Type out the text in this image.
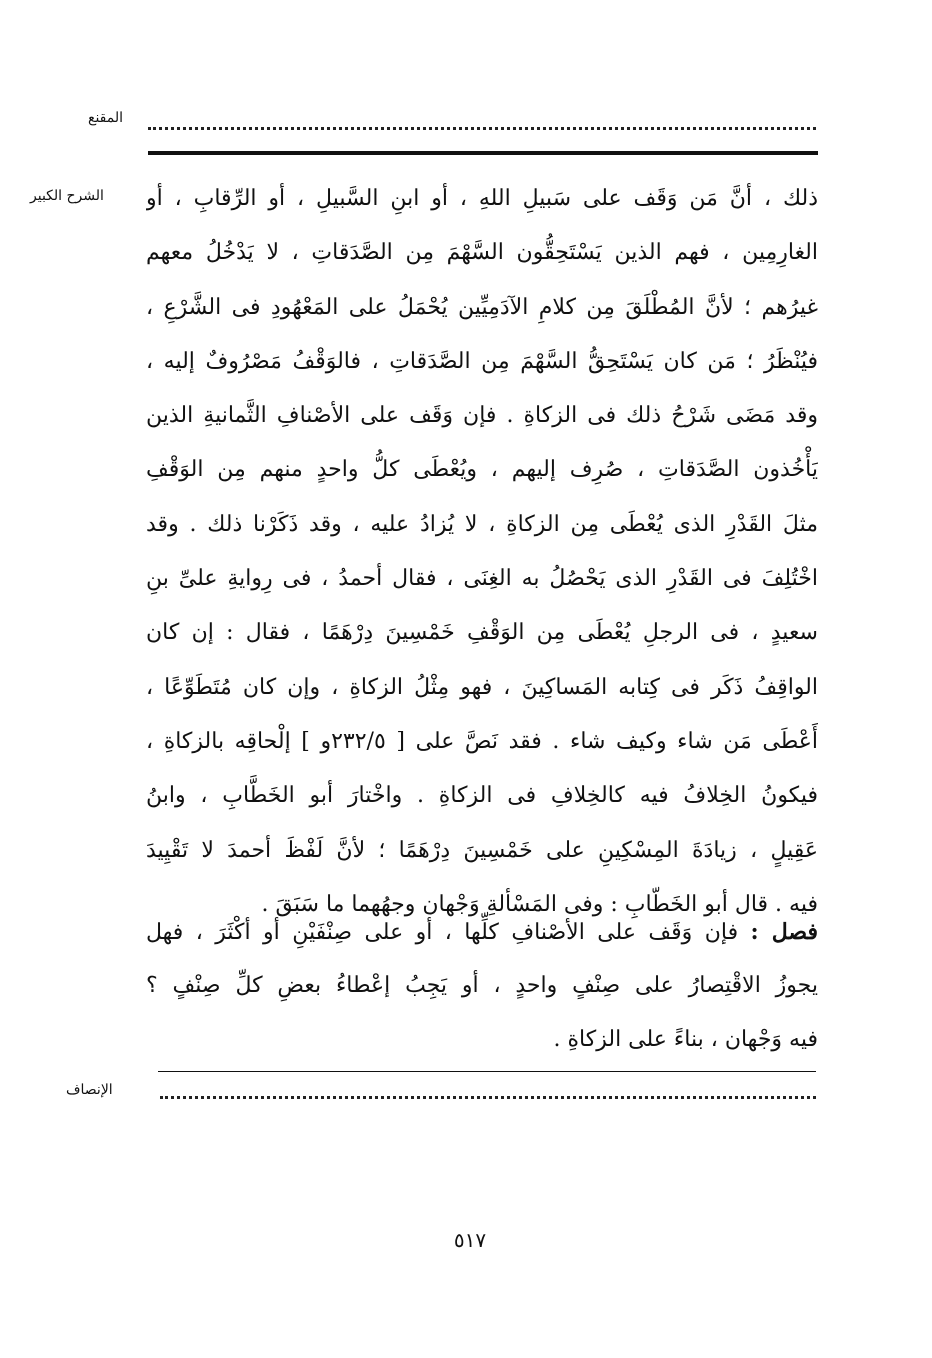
المقنع
الشرح الكبير ذلك ، أنَّ مَن وَقَف على سَبيلِ اللهِ ، أو ابنِ السَّبيلِ ، أو الرِّقابِ ، أو
الغارِمِين ، فهم الذين يَسْتَحِقُّون السَّهْمَ مِن الصَّدَقاتِ ، لا يَدْخُلُ معهم
غيرُهم ؛ لأنَّ المُطْلَقَ مِن كلامِ الآدَمِيِّين يُحْمَلُ على المَعْهُودِ فى الشَّرْعِ ،
فيُنْظَرُ ؛ مَن كان يَسْتَحِقُّ السَّهْمَ مِن الصَّدَقاتِ ، فالوَقْفُ مَصْرُوفٌ إليه ،
وقد مَضَى شَرْحُ ذلك فى الزكاةِ . فإن وَقَف على الأصْنافِ الثَّمانيةِ الذين
يَأْخُذون الصَّدَقاتِ ، صُرِف إليهم ، ويُعْطَى كلُّ واحدٍ منهم مِن الوَقْفِ
مثلَ القَدْرِ الذى يُعْطَى مِن الزكاةِ ، لا يُزادُ عليه ، وقد ذَكَرْنا ذلك . وقد
اخْتُلِفَ فى القَدْرِ الذى يَحْصُلُ به الغِنَى ، فقال أحمدُ ، فى رِوايةِ علىِّ بنِ
سعيدٍ ، فى الرجلِ يُعْطَى مِن الوَقْفِ خَمْسِينَ دِرْهَمًا ، فقال : إن كان
الواقِفُ ذَكَر فى كِتابه المَساكِينَ ، فهو مِثْلُ الزكاةِ ، وإن كان مُتَطَوِّعًا ،
أَعْطَى مَن شاء وكيف شاء . فقد نَصَّ على [ ٢٣٢/٥و ] إلْحاقِه بالزكاةِ ،
فيكونُ الخِلافُ فيه كالخِلافِ فى الزكاةِ . واخْتارَ أبو الخَطَّابِ ، وابنُ
عَقِيلٍ ، زيادَةَ المِسْكِينِ على خَمْسِينَ دِرْهَمًا ؛ لأنَّ لَفْظَ أحمدَ لا تَقْيِيدَ
فيه . قال أبو الخَطّابِ : وفى المَسْألةِ وَجْهان وجهُهما ما سَبَقَ .
فصل : فإن وَقَف على الأصْنافِ كلِّها ، أو على صِنْفَيْنِ أو أكْثَرَ ، فهل
يجوزُ الاقْتِصارُ على صِنْفٍ واحدٍ ، أو يَجِبُ إعْطاءُ بعضِ كلِّ صِنْفٍ ؟
فيه وَجْهان ، بناءً على الزكاةِ .
الإنصاف
٥١٧
